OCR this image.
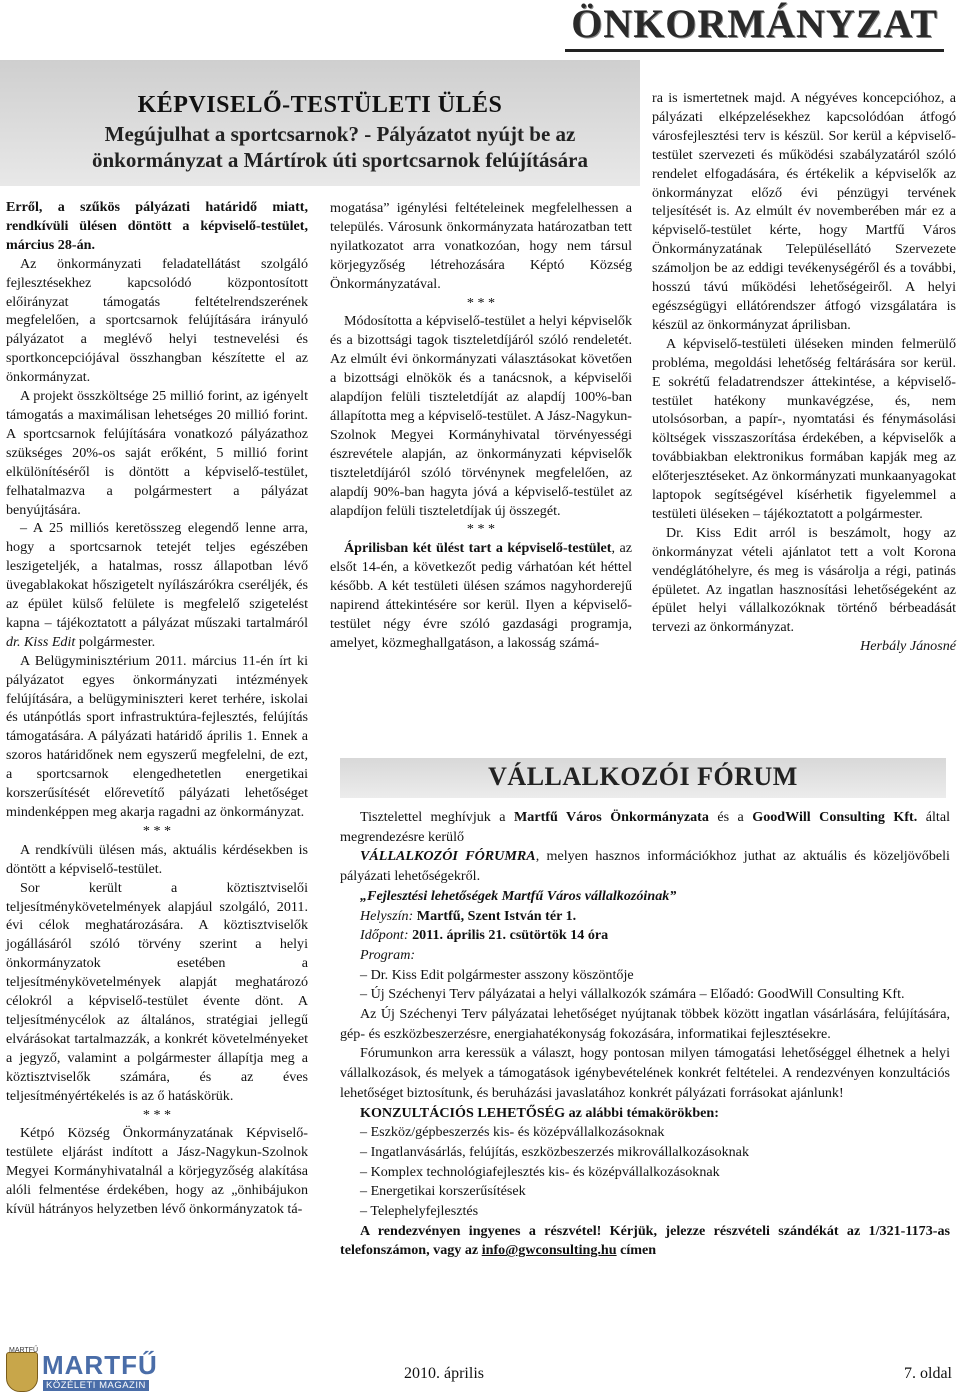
ÖNKORMÁNYZAT
KÉPVISELŐ-TESTÜLETI ÜLÉS
Megújulhat a sportcsarnok? - Pályázatot nyújt be az
önkormányzat a Mártírok úti sportcsarnok felújítására

Erről, a szűkös pályázati határidő miatt, rendkívüli ülésen döntött a képviselő-testület, március 28-án.

Az önkormányzati feladatellátást szolgáló fejlesztésekhez kapcsolódó központosított előirányzat támogatás feltételrendszerének megfelelően, a sportcsarnok felújítására irányuló pályázatot a meglévő helyi testnevelési és sportkoncepciójával összhangban készítette el az önkormányzat.

A projekt összköltsége 25 millió forint, az igényelt támogatás a maximálisan lehetséges 20 millió forint. A sportcsarnok felújítására vonatkozó pályázathoz szükséges 20%-os saját erőként, 5 millió forint elkülönítéséről is döntött a képviselő-testület, felhatalmazva a polgármestert a pályázat benyújtására.

– A 25 milliós keretösszeg elegendő lenne arra, hogy a sportcsarnok tetejét teljes egészében leszigeteljék, a hatalmas, rossz állapotban lévő üvegablakokat hőszigetelt nyílászárókra cseréljék, és az épület külső felülete is megfelelő szigetelést kapna – tájékoztatott a pályázat műszaki tartalmáról dr. Kiss Edit polgármester.

A Belügyminisztérium 2011. március 11-én írt ki pályázatot egyes önkormányzati intézmények felújítására, a belügyminiszteri keret terhére, iskolai és utánpótlás sport infrastruktúra-fejlesztés, felújítás támogatására. A pályázati határidő április 1. Ennek a szoros határidőnek nem egyszerű megfelelni, de ezt, a sportcsarnok elengedhetetlen energetikai korszerűsítését előrevetítő pályázati lehetőséget mindenképpen meg akarja ragadni az önkormányzat.

* * *

A rendkívüli ülésen más, aktuális kérdésekben is döntött a képviselő-testület.

Sor került a köztisztviselői teljesítménykövetelmények alapjául szolgáló, 2011. évi célok meghatározására. A köztisztviselők jogállásáról szóló törvény szerint a helyi önkormányzatok esetében a teljesítménykövetelmények alapját meghatározó célokról a képviselő-testület évente dönt. A teljesítménycélok az általános, stratégiai jellegű elvárásokat tartalmazzák, a konkrét követelményeket a jegyző, valamint a polgármester állapítja meg a köztisztviselők számára, és az éves teljesítményértékelés is az ő hatáskörük.

* * *

Kétpó Község Önkormányzatának Képviselő-testülete eljárást indított a Jász-Nagykun-Szolnok Megyei Kormányhivatalnál a körjegyzőség alakítása alóli felmentése érdekében, hogy az „önhibájukon kívül hátrányos helyzetben lévő önkormányzatok tá-

mogatása” igénylési feltételeinek megfelelhessen a település. Városunk önkormányzata határozatban tett nyilatkozatot arra vonatkozóan, hogy nem társul körjegyzőség létrehozására Képtó Község Önkormányzatával.

* * *

Módosította a képviselő-testület a helyi képviselők és a bizottsági tagok tiszteletdíjáról szóló rendeletét. Az elmúlt évi önkormányzati választásokat követően a bizottsági elnökök és a tanácsnok, a képviselői alapdíjon felüli tiszteletdíját az alapdíj 100%-ban állapította meg a képviselő-testület. A Jász-Nagykun-Szolnok Megyei Kormányhivatal törvényességi észrevétele alapján, az önkormányzati képviselők tiszteletdíjáról szóló törvénynek megfelelően, az alapdíj 90%-ban hagyta jóvá a képviselő-testület az alapdíjon felüli tiszteletdíjak új összegét.

* * *

Áprilisban két ülést tart a képviselő-testület, az elsőt 14-én, a következőt pedig várhatóan két héttel később. A két testületi ülésen számos nagyhorderejű napirend áttekintésére sor kerül. Ilyen a képviselő-testület négy évre szóló gazdasági programja, amelyet, közmeghallgatáson, a lakosság számá-

ra is ismertetnek majd. A négyéves koncepcióhoz, a pályázati elképzelésekhez kapcsolódóan átfogó városfejlesztési terv is készül. Sor kerül a képviselő-testület szervezeti és működési szabályzatáról szóló rendelet elfogadására, és értékelik a képviselők az önkormányzat előző évi pénzügyi tervének teljesítését is. Az elmúlt év novemberében már ez a képviselő-testület kérte, hogy Martfű Város Önkormányzatának Településellátó Szervezete számoljon be az eddigi tevékenységéről és a további, hosszú távú működési lehetőségeiről. A helyi egészségügyi ellátórendszer átfogó vizsgálatára is készül az önkormányzat áprilisban.

A képviselő-testületi üléseken minden felmerülő probléma, megoldási lehetőség feltárására sor kerül. E sokrétű feladatrendszer áttekintése, a képviselő-testület hatékony munkavégzése, és, nem utolsósorban, a papír-, nyomtatási és fénymásolási költségek visszaszorítása érdekében, a képviselők a továbbiakban elektronikus formában kapják meg az előterjesztéseket. Az önkormányzati munkaanyagokat laptopok segítségével kísérhetik figyelemmel a testületi üléseken – tájékoztatott a polgármester.

Dr. Kiss Edit arról is beszámolt, hogy az önkormányzat vételi ajánlatot tett a volt Korona vendéglátóhelyre, és meg is vásárolja a régi, patinás épületet. Az ingatlan hasznosítási lehetőségeként az épület helyi vállalkozóknak történő bérbeadását tervezi az önkormányzat.

Herbály Jánosné

VÁLLALKOZÓI FÓRUM

Tisztelettel meghívjuk a Martfű Város Önkormányzata és a GoodWill Consulting Kft. által megrendezésre kerülő

VÁLLALKOZÓI FÓRUMRA, melyen hasznos információkhoz juthat az aktuális és közeljövőbeli pályázati lehetőségekről.

„Fejlesztési lehetőségek Martfű Város vállalkozóinak”

Helyszín: Martfű, Szent István tér 1.

Időpont: 2011. április 21. csütörtök 14 óra

Program:

– Dr. Kiss Edit polgármester asszony köszöntője

– Új Széchenyi Terv pályázatai a helyi vállalkozók számára – Előadó: GoodWill Consulting Kft.

Az Új Széchenyi Terv pályázatai lehetőséget nyújtanak többek között ingatlan vásárlására, felújítására, gép- és eszközbeszerzésre, energiahatékonyság fokozására, informatikai fejlesztésekre.

Fórumunkon arra keressük a választ, hogy pontosan milyen támogatási lehetőséggel élhetnek a helyi vállalkozások, és melyek a támogatások igénybevételének konkrét feltételei. A rendezvényen konzultációs lehetőséget biztosítunk, és beruházási javaslatához konkrét pályázati forrásokat ajánlunk!

KONZULTÁCIÓS LEHETŐSÉG az alábbi témakörökben:

– Eszköz/gépbeszerzés kis- és középvállalkozásoknak

– Ingatlanvásárlás, felújítás, eszközbeszerzés mikrovállalkozásoknak

– Komplex technológiafejlesztés kis- és középvállalkozásoknak

– Energetikai korszerűsítések

– Telephelyfejlesztés

A rendezvényen ingyenes a részvétel! Kérjük, jelezze részvételi szándékát az 1/321-1173-as telefonszámon, vagy az info@gwconsulting.hu címen

MARTFŰ MARTFŰ
KÖZÉLETI MAGAZIN
2010. április	7. oldal
